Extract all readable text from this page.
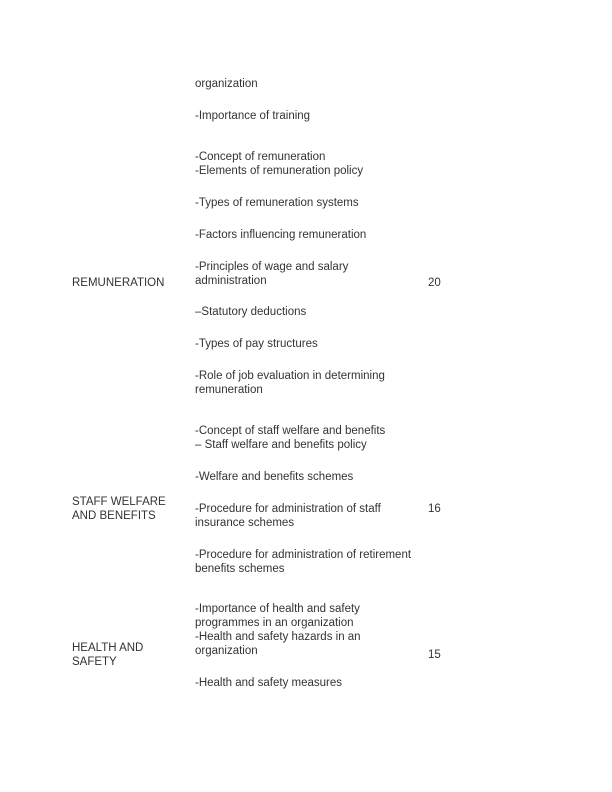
organization
-Importance of training
REMUNERATION	20
-Concept of remuneration
-Elements of remuneration policy
-Types of remuneration systems
-Factors influencing remuneration
-Principles of wage and salary
administration
–Statutory deductions
-Types of pay structures
-Role of job evaluation in determining
remuneration
STAFF WELFARE
AND BENEFITS
16
-Concept of staff welfare and benefits
– Staff welfare and benefits policy
-Welfare and benefits schemes
-Procedure for administration of staff
insurance schemes
-Procedure for administration of retirement
benefits schemes
HEALTH AND
SAFETY
15
-Importance of health and safety
programmes in an organization
-Health and safety hazards in an
organization
-Health and safety measures
